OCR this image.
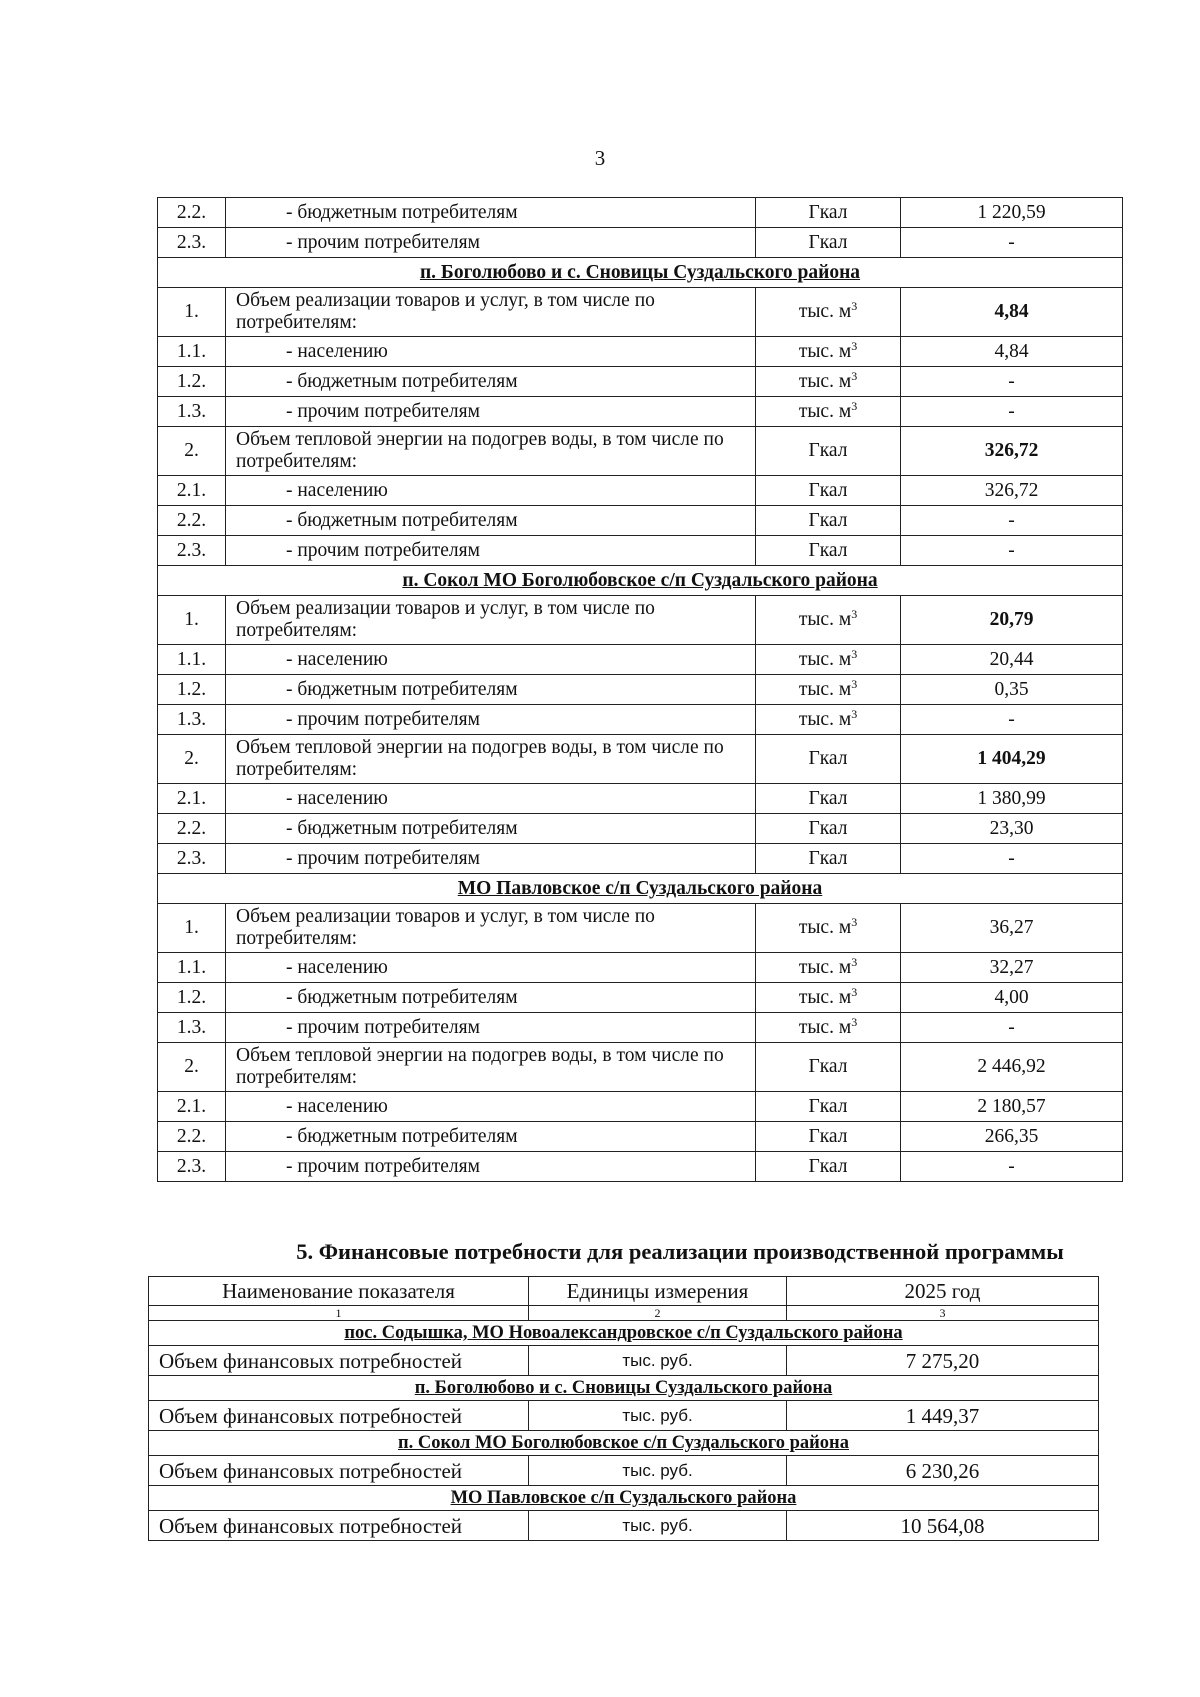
3
2.2.	- бюджетным потребителям	Гкал	1 220,59
2.3.	- прочим потребителям	Гкал	-
п. Боголюбово и с. Сновицы Суздальского района			
1.	Объем реализации товаров и услуг, в том числе по потребителям:	тыс. $м^3$	4,84
1.1.	- населению	тыс. $м^3$	4,84
1.2.	- бюджетным потребителям	тыс. $м^3$	-
1.3.	- прочим потребителям	тыс. $м^3$	-
2.	Объем тепловой энергии на подогрев воды, в том числе по потребителям:	Гкал	326,72
2.1.	- населению	Гкал	326,72
2.2.	- бюджетным потребителям	Гкал	-
2.3.	- прочим потребителям	Гкал	-
п. Сокол МО Боголюбовское с/п Суздальского района			
1.	Объем реализации товаров и услуг, в том числе по потребителям:	тыс. $м^3$	20,79
1.1.	- населению	тыс. $м^3$	20,44
1.2.	- бюджетным потребителям	тыс. $м^3$	0,35
1.3.	- прочим потребителям	тыс. $м^3$	-
2.	Объем тепловой энергии на подогрев воды, в том числе по потребителям:	Гкал	1 404,29
2.1.	- населению	Гкал	1 380,99
2.2.	- бюджетным потребителям	Гкал	23,30
2.3.	- прочим потребителям	Гкал	-
МО Павловское с/п Суздальского района			
1.	Объем реализации товаров и услуг, в том числе по потребителям:	тыс. $м^3$	36,27
1.1.	- населению	тыс. $м^3$	32,27
1.2.	- бюджетным потребителям	тыс. $м^3$	4,00
1.3.	- прочим потребителям	тыс. $м^3$	-
2.	Объем тепловой энергии на подогрев воды, в том числе по потребителям:	Гкал	2 446,92
2.1.	- населению	Гкал	2 180,57
2.2.	- бюджетным потребителям	Гкал	266,35
2.3.	- прочим потребителям	Гкал	-
5. Финансовые потребности для реализации производственной программы
Наименование показателя	Единицы измерения	2025 год
1	2	3
пос. Содышка, МО Новоалександровское с/п Суздальского района		
Объем финансовых потребностей	тыс. руб.	7 275,20
п. Боголюбово и с. Сновицы Суздальского района		
Объем финансовых потребностей	тыс. руб.	1 449,37
п. Сокол МО Боголюбовское с/п Суздальского района		
Объем финансовых потребностей	тыс. руб.	6 230,26
МО Павловское с/п Суздальского района		
Объем финансовых потребностей	тыс. руб.	10 564,08
